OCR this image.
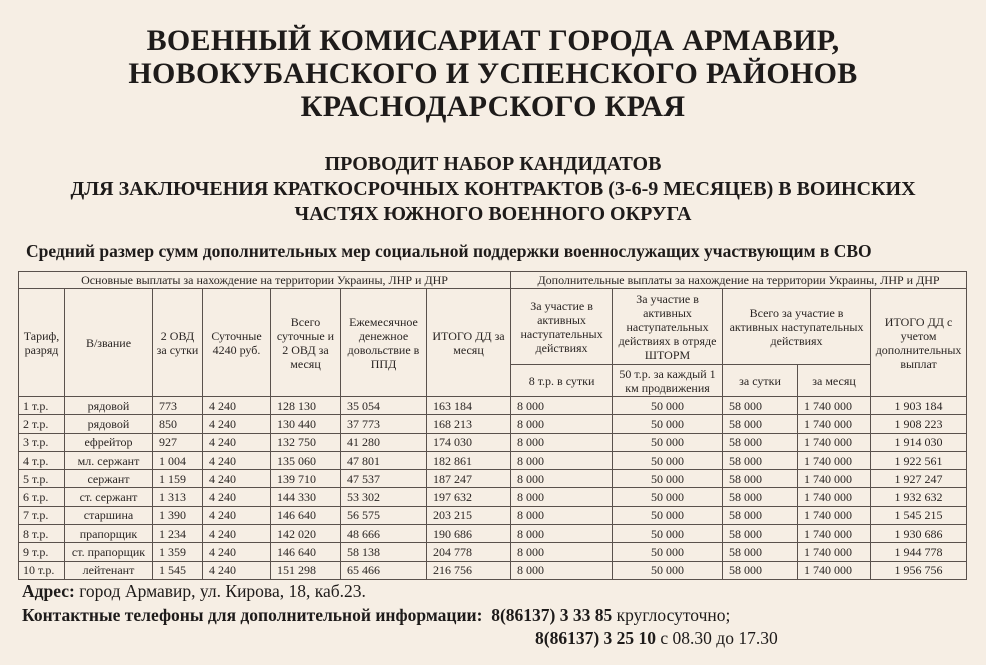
ВОЕННЫЙ КОМИСАРИАТ ГОРОДА АРМАВИР,
НОВОКУБАНСКОГО И УСПЕНСКОГО РАЙОНОВ
КРАСНОДАРСКОГО КРАЯ
ПРОВОДИТ НАБОР КАНДИДАТОВ
ДЛЯ ЗАКЛЮЧЕНИЯ КРАТКОСРОЧНЫХ КОНТРАКТОВ (3-6-9 МЕСЯЦЕВ) В ВОИНСКИХ
ЧАСТЯХ ЮЖНОГО ВОЕННОГО ОКРУГА
Средний размер сумм дополнительных мер социальной поддержки военнослужащих участвующим в СВО
Основные выплаты за нахождение на территории Украины, ЛНР и ДНР							Дополнительные выплаты за нахождение на территории Украины, ЛНР и ДНР				
Тариф, разряд	В/звание	2 ОВД за сутки	Суточные 4240 руб.	Всего суточные и 2 ОВД за месяц	Ежемесячное денежное довольствие в ППД	ИТОГО ДД за месяц	За участие в активных наступательных действиях	За участие в активных наступательных действиях в отряде ШТОРМ	Всего за участие в активных наступательных действиях		ИТОГО ДД с учетом дополнительных выплат
							8 т.р. в сутки	50 т.р. за каждый 1 км продвижения	за сутки	за месяц	
1 т.р.	рядовой	773	4 240	128 130	35 054	163 184	8 000	50 000	58 000	1 740 000	1 903 184
2 т.р.	рядовой	850	4 240	130 440	37 773	168 213	8 000	50 000	58 000	1 740 000	1 908 223
3 т.р.	ефрейтор	927	4 240	132 750	41 280	174 030	8 000	50 000	58 000	1 740 000	1 914 030
4 т.р.	мл. сержант	1 004	4 240	135 060	47 801	182 861	8 000	50 000	58 000	1 740 000	1 922 561
5 т.р.	сержант	1 159	4 240	139 710	47 537	187 247	8 000	50 000	58 000	1 740 000	1 927 247
6 т.р.	ст. сержант	1 313	4 240	144 330	53 302	197 632	8 000	50 000	58 000	1 740 000	1 932 632
7 т.р.	старшина	1 390	4 240	146 640	56 575	203 215	8 000	50 000	58 000	1 740 000	1 545 215
8 т.р.	прапорщик	1 234	4 240	142 020	48 666	190 686	8 000	50 000	58 000	1 740 000	1 930 686
9 т.р.	ст. прапорщик	1 359	4 240	146 640	58 138	204 778	8 000	50 000	58 000	1 740 000	1 944 778
10 т.р.	лейтенант	1 545	4 240	151 298	65 466	216 756	8 000	50 000	58 000	1 740 000	1 956 756
Адрес: город Армавир, ул. Кирова, 18, каб.23.
Контактные телефоны для дополнительной информации: 8(86137) 3 33 85 круглосуточно;
8(86137) 3 25 10 с 08.30 до 17.30
